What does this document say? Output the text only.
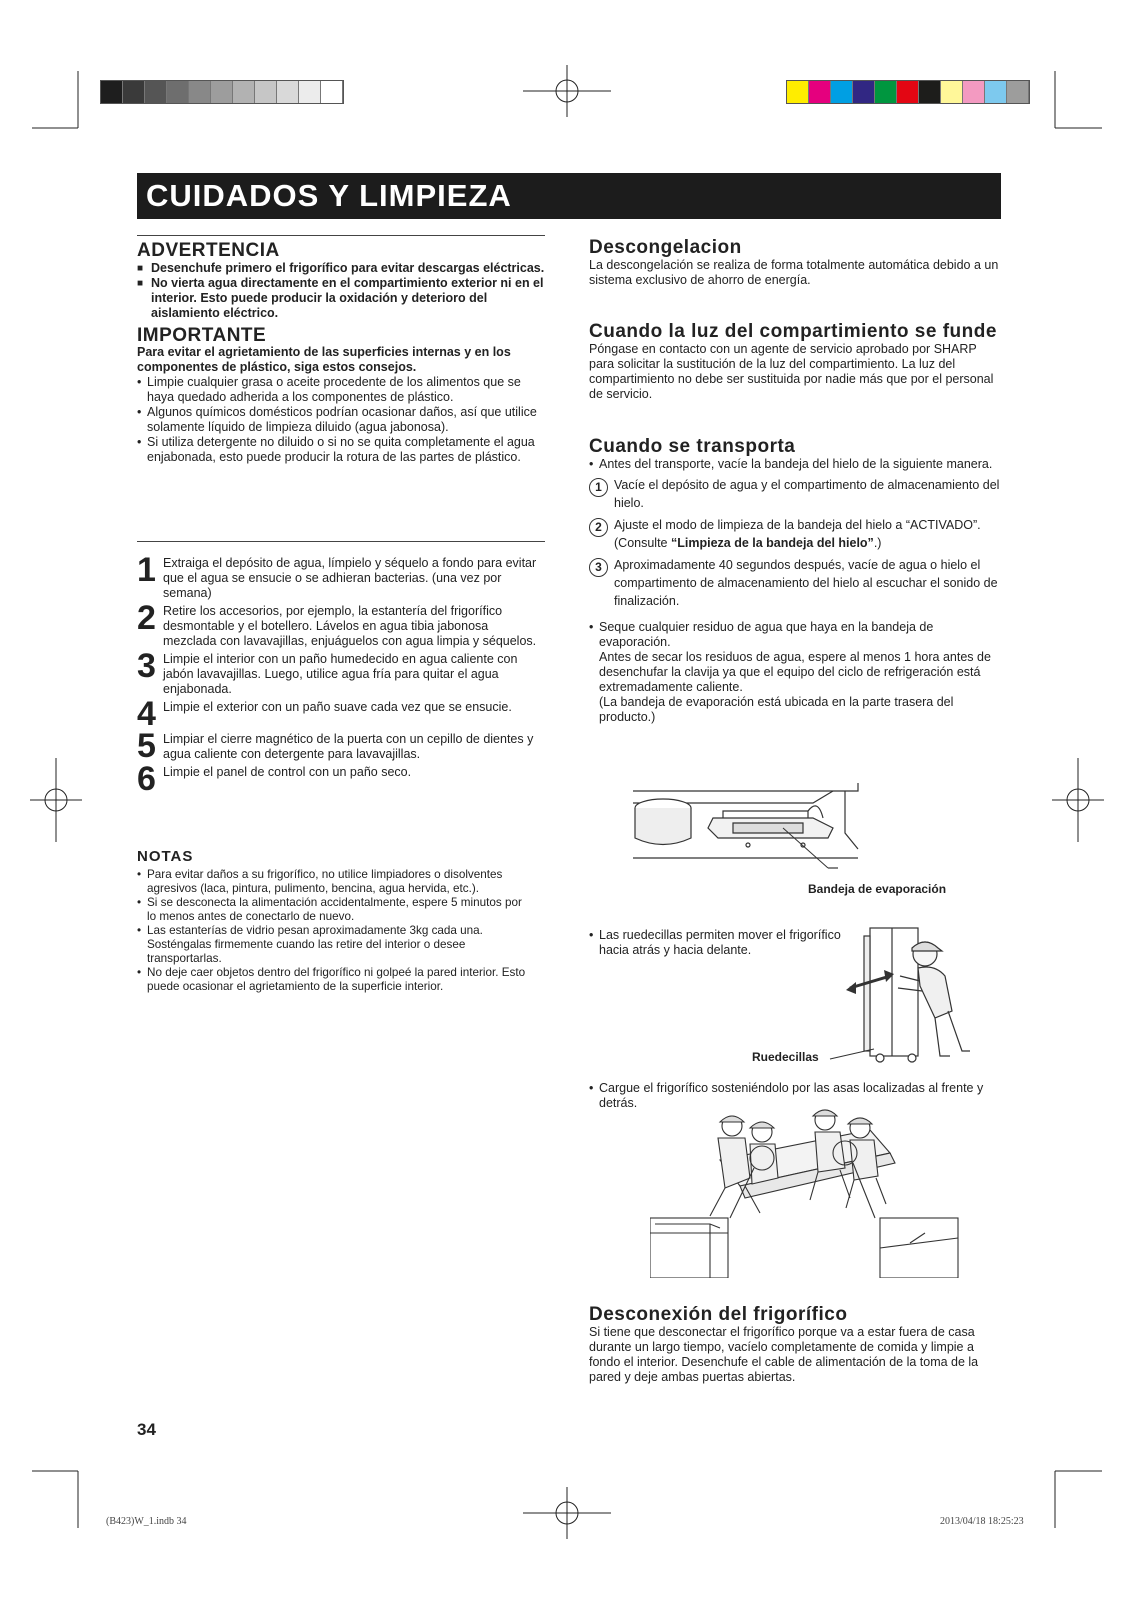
CUIDADOS Y LIMPIEZA
ADVERTENCIA
■ Desenchufe primero el frigorífico para evitar descargas eléctricas.
■ No vierta agua directamente en el compartimiento exterior ni en el interior. Esto puede producir la oxidación y deterioro del aislamiento eléctrico.
IMPORTANTE

Para evitar el agrietamiento de las superficies internas y en los componentes de plástico, siga estos consejos.

• Limpie cualquier grasa o aceite procedente de los alimentos que se haya quedado adherida a los componentes de plástico.
• Algunos químicos domésticos podrían ocasionar daños, así que utilice solamente líquido de limpieza diluido (agua jabonosa).
• Si utiliza detergente no diluido o si no se quita completamente el agua enjabonada, esto puede producir la rotura de las partes de plástico.
1 Extraiga el depósito de agua, límpielo y séquelo a fondo para evitar que el agua se ensucie o se adhieran bacterias. (una vez por semana)
2 Retire los accesorios, por ejemplo, la estantería del frigorífico desmontable y el botellero. Lávelos en agua tibia jabonosa mezclada con lavavajillas, enjuáguelos con agua limpia y séquelos.
3 Limpie el interior con un paño humedecido en agua caliente con jabón lavavajillas. Luego, utilice agua fría para quitar el agua enjabonada.
4 Limpie el exterior con un paño suave cada vez que se ensucie.
5 Limpiar el cierre magnético de la puerta con un cepillo de dientes y agua caliente con detergente para lavavajillas.
6 Limpie el panel de control con un paño seco.
NOTAS
• Para evitar daños a su frigorífico, no utilice limpiadores o disolventes agresivos (laca, pintura, pulimento, bencina, agua hervida, etc.).
• Si se desconecta la alimentación accidentalmente, espere 5 minutos por lo menos antes de conectarlo de nuevo.
• Las estanterías de vidrio pesan aproximadamente 3kg cada una. Sosténgalas firmemente cuando las retire del interior o desee transportarlas.
• No deje caer objetos dentro del frigorífico ni golpeé la pared interior. Esto puede ocasionar el agrietamiento de la superficie interior.
Descongelacion

La descongelación se realiza de forma totalmente automática debido a un sistema exclusivo de ahorro de energía.

Cuando la luz del compartimiento se funde

Póngase en contacto con un agente de servicio aprobado por SHARP para solicitar la sustitución de la luz del compartimiento. La luz del compartimiento no debe ser sustituida por nadie más que por el personal de servicio.

Cuando se transporta
• Antes del transporte, vacíe la bandeja del hielo de la siguiente manera.
1 Vacíe el depósito de agua y el compartimento de almacenamiento del hielo.
2 Ajuste el modo de limpieza de la bandeja del hielo a “ACTIVADO”. (Consulte “Limpieza de la bandeja del hielo”.)
3 Aproximadamente 40 segundos después, vacíe de agua o hielo el compartimento de almacenamiento del hielo al escuchar el sonido de finalización.

• Seque cualquier residuo de agua que haya en la bandeja de evaporación.

Antes de secar los residuos de agua, espere al menos 1 hora antes de desenchufar la clavija ya que el equipo del ciclo de refrigeración está extremadamente caliente.

(La bandeja de evaporación está ubicada en la parte trasera del producto.)

Bandeja de evaporación
• Las ruedecillas permiten mover el frigorífico hacia atrás y hacia delante.
Ruedecillas
• Cargue el frigorífico sosteniéndolo por las asas localizadas al frente y detrás.
Desconexión del frigorífico

Si tiene que desconectar el frigorífico porque va a estar fuera de casa durante un largo tiempo, vacíelo completamente de comida y limpie a fondo el interior. Desenchufe el cable de alimentación de la toma de la pared y deje ambas puertas abiertas.

34
(B423)W_1.indb 34	2013/04/18 18:25:23
